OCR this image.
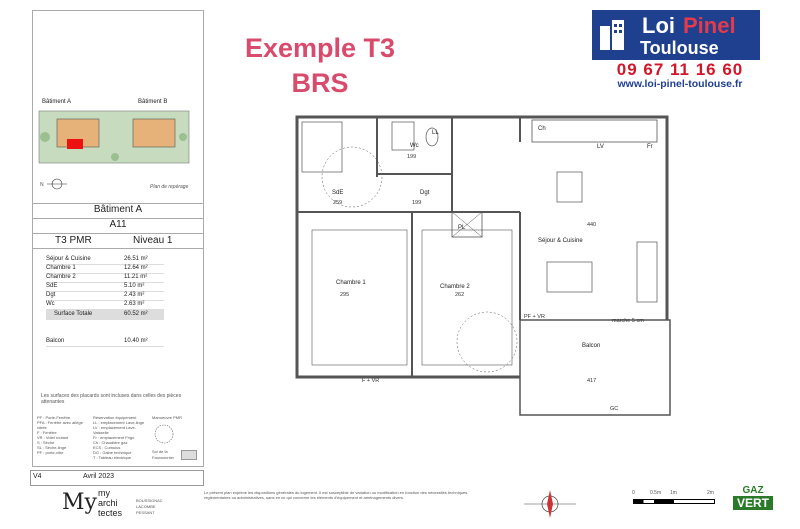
Bâtiment A	Bâtiment B
N	Plan de repérage
Bâtiment A
A11
T3 PMR	Niveau 1
Séjour & Cuisine	26.51 m²
Chambre 1	12.64 m²
Chambre 2	11.21 m²
SdE	5.10 m²
Dgt	2.43 m²
Wc	2.63 m²
Surface Totale	60.52 m²
Balcon	10.40 m²
Les surfaces des placards sont incluses dans celles des pièces attenantes
PF : Porte-Fenêtre
PFA : Fenêtre avec allège vitrée
F : Fenêtre
VR : Volet roulant
S : Sèche
SL : Sèche-linge
PF : porte-vitre
Réservation équipement
LL : emplacement Lave-linge
LV : emplacement Lave-Vaisselle
Fr : emplacement Frigo
Ch : Chaudière gaz
ECS : Cumulus
DG : Gaine technique
T : Tableau électrique
Manoeuvre PMR
Sol de la Fauxsonnier
V4	Avril 2023
My my
archi
tectes
BOUSSIGNAC LACOMBE PESSANT
Le présent plan exprime les dispositions générales du logement. Il est susceptible de variation ou modification en fonction des nécessités techniques, réglementaires ou administratives, sans en ce qui concerne les éléments d'équipement et aménagements divers.
0	0.5m 1m	2m	GAZ
VERT
Exemple T3
BRS
Loi Pinel
Toulouse
09 67 11 16 60
www.loi-pinel-toulouse.fr
Wc
SdE	Dgt
Chambre 1
Chambre 2
Séjour & Cuisine
Balcon
PL
LL
Ch
LV	Fr
199
259	199
295	262
440
417
marche 5 cm
PF + VR
F + VR
GC
